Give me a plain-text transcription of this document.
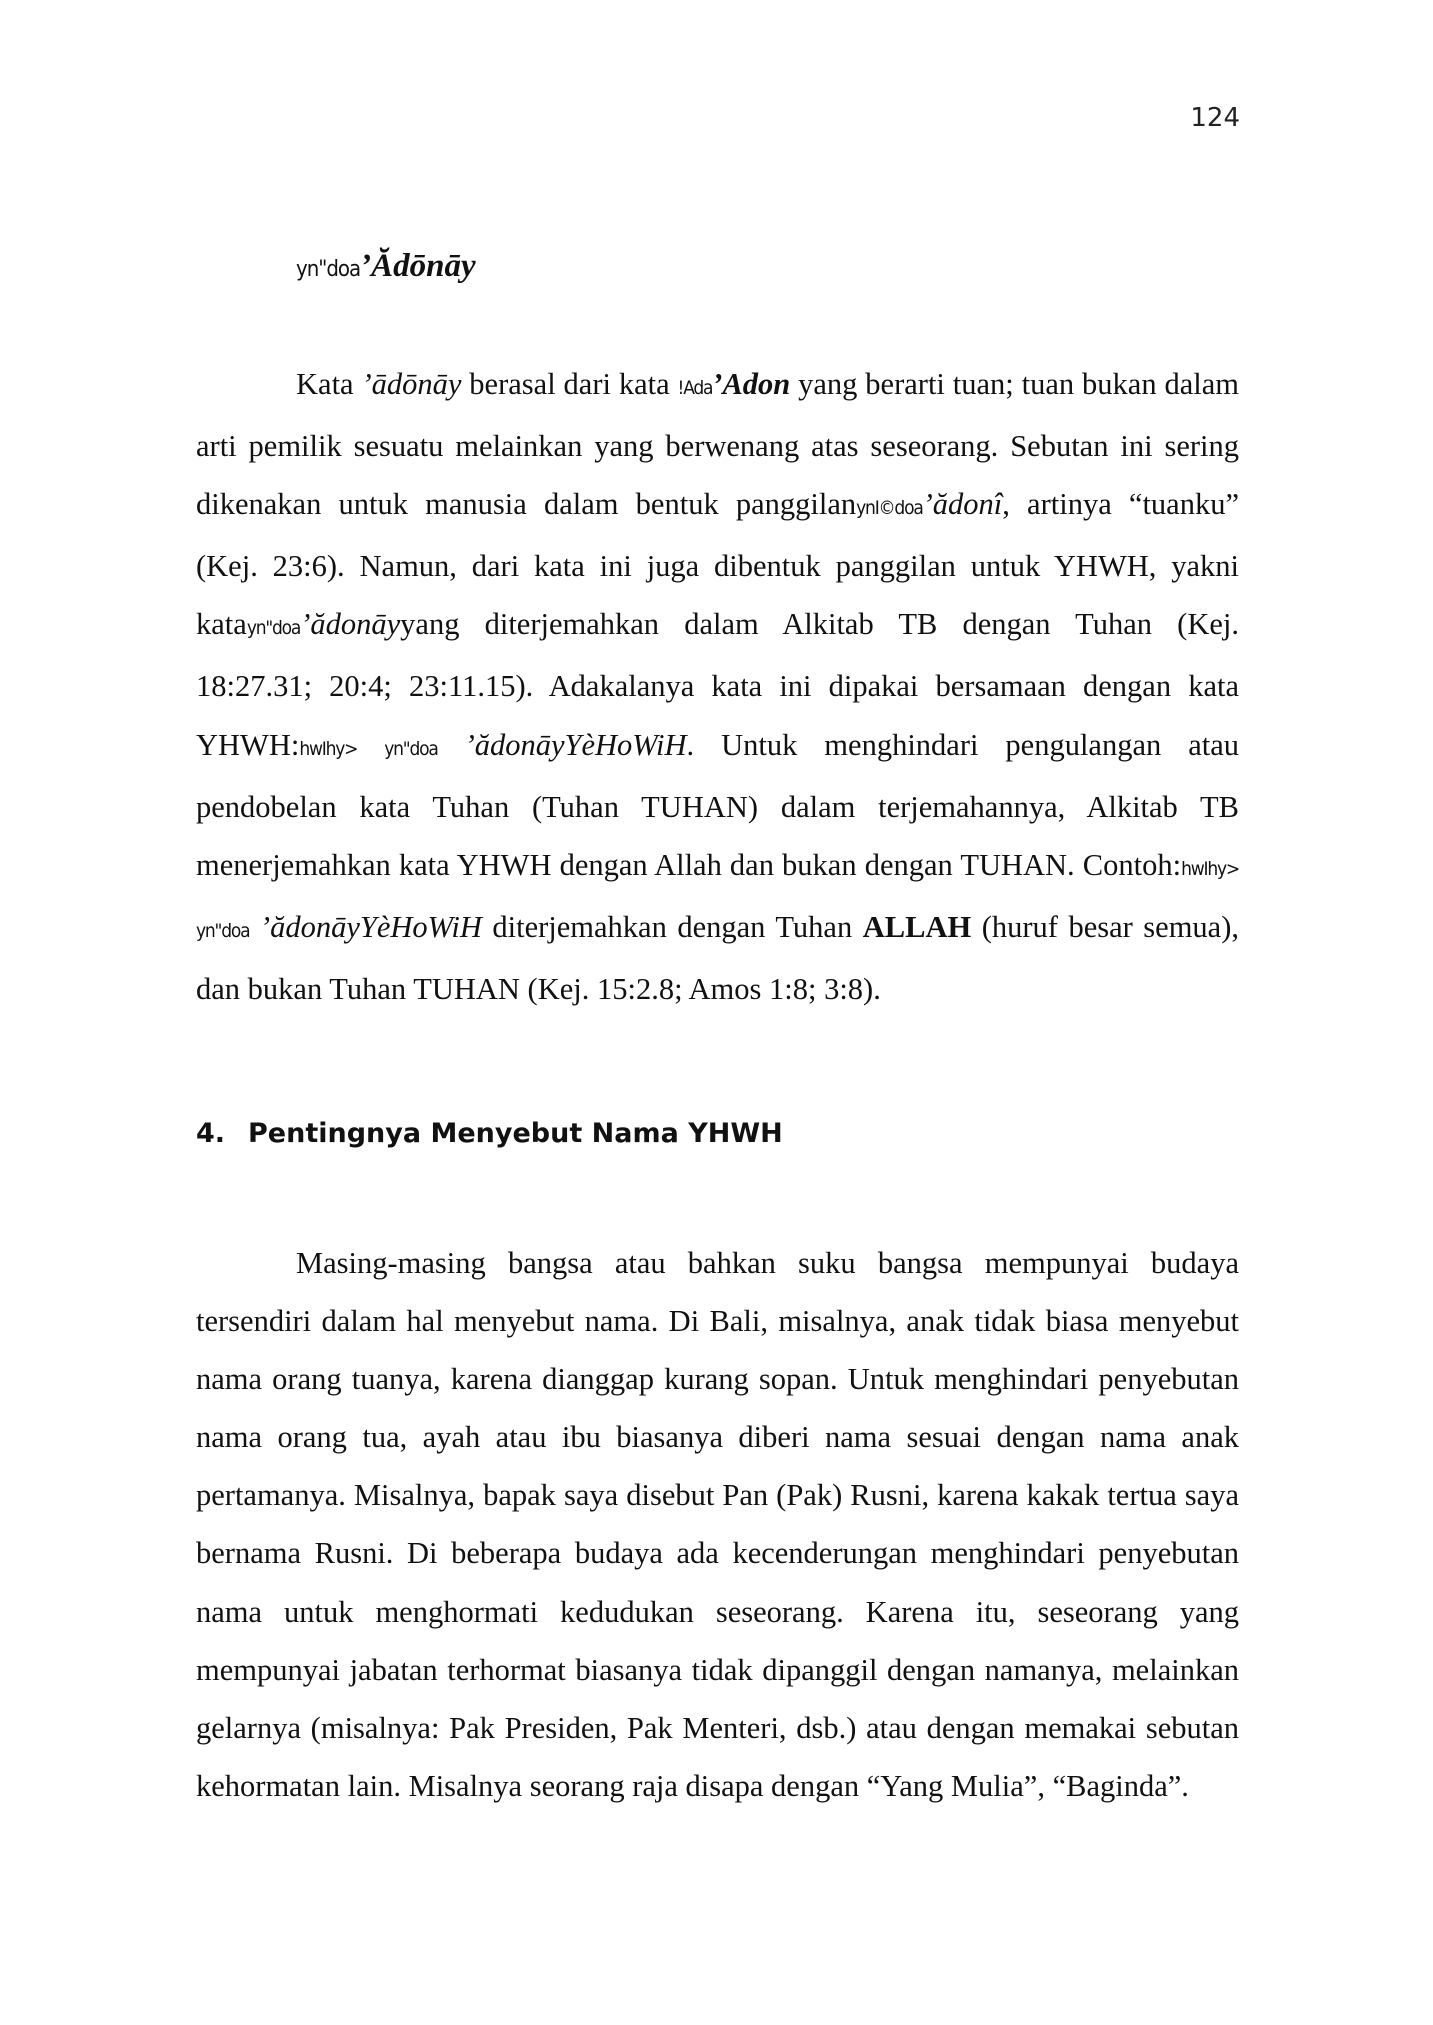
124
yn"doa’Ădōnāy
Kata ’ādōnāy berasal dari kata !Ada’Adon yang berarti tuan; tuan bukan dalam arti pemilik sesuatu melainkan yang berwenang atas seseorang. Sebutan ini sering dikenakan untuk manusia dalam bentuk panggilanynI©doa’ădonî, artinya “tuanku” (Kej. 23:6). Namun, dari kata ini juga dibentuk panggilan untuk YHWH, yakni katayn"doa’ădonāyyang diterjemahkan dalam Alkitab TB dengan Tuhan (Kej. 18:27.31; 20:4; 23:11.15). Adakalanya kata ini dipakai bersamaan dengan kata YHWH:hwIhy> yn"doa ’ădonāyYèHoWiH. Untuk menghindari pengulangan atau pendobelan kata Tuhan (Tuhan TUHAN) dalam terjemahannya, Alkitab TB menerjemahkan kata YHWH dengan Allah dan bukan dengan TUHAN. Contoh:hwIhy> yn"doa ’ădonāyYèHoWiH diterjemahkan dengan Tuhan ALLAH (huruf besar semua), dan bukan Tuhan TUHAN (Kej. 15:2.8; Amos 1:8; 3:8).
4. Pentingnya Menyebut Nama YHWH
Masing-masing bangsa atau bahkan suku bangsa mempunyai budaya tersendiri dalam hal menyebut nama. Di Bali, misalnya, anak tidak biasa menyebut nama orang tuanya, karena dianggap kurang sopan. Untuk menghindari penyebutan nama orang tua, ayah atau ibu biasanya diberi nama sesuai dengan nama anak pertamanya. Misalnya, bapak saya disebut Pan (Pak) Rusni, karena kakak tertua saya bernama Rusni. Di beberapa budaya ada kecenderungan menghindari penyebutan nama untuk menghormati kedudukan seseorang. Karena itu, seseorang yang mempunyai jabatan terhormat biasanya tidak dipanggil dengan namanya, melainkan gelarnya (misalnya: Pak Presiden, Pak Menteri, dsb.) atau dengan memakai sebutan kehormatan lain. Misalnya seorang raja disapa dengan “Yang Mulia”, “Baginda”.
